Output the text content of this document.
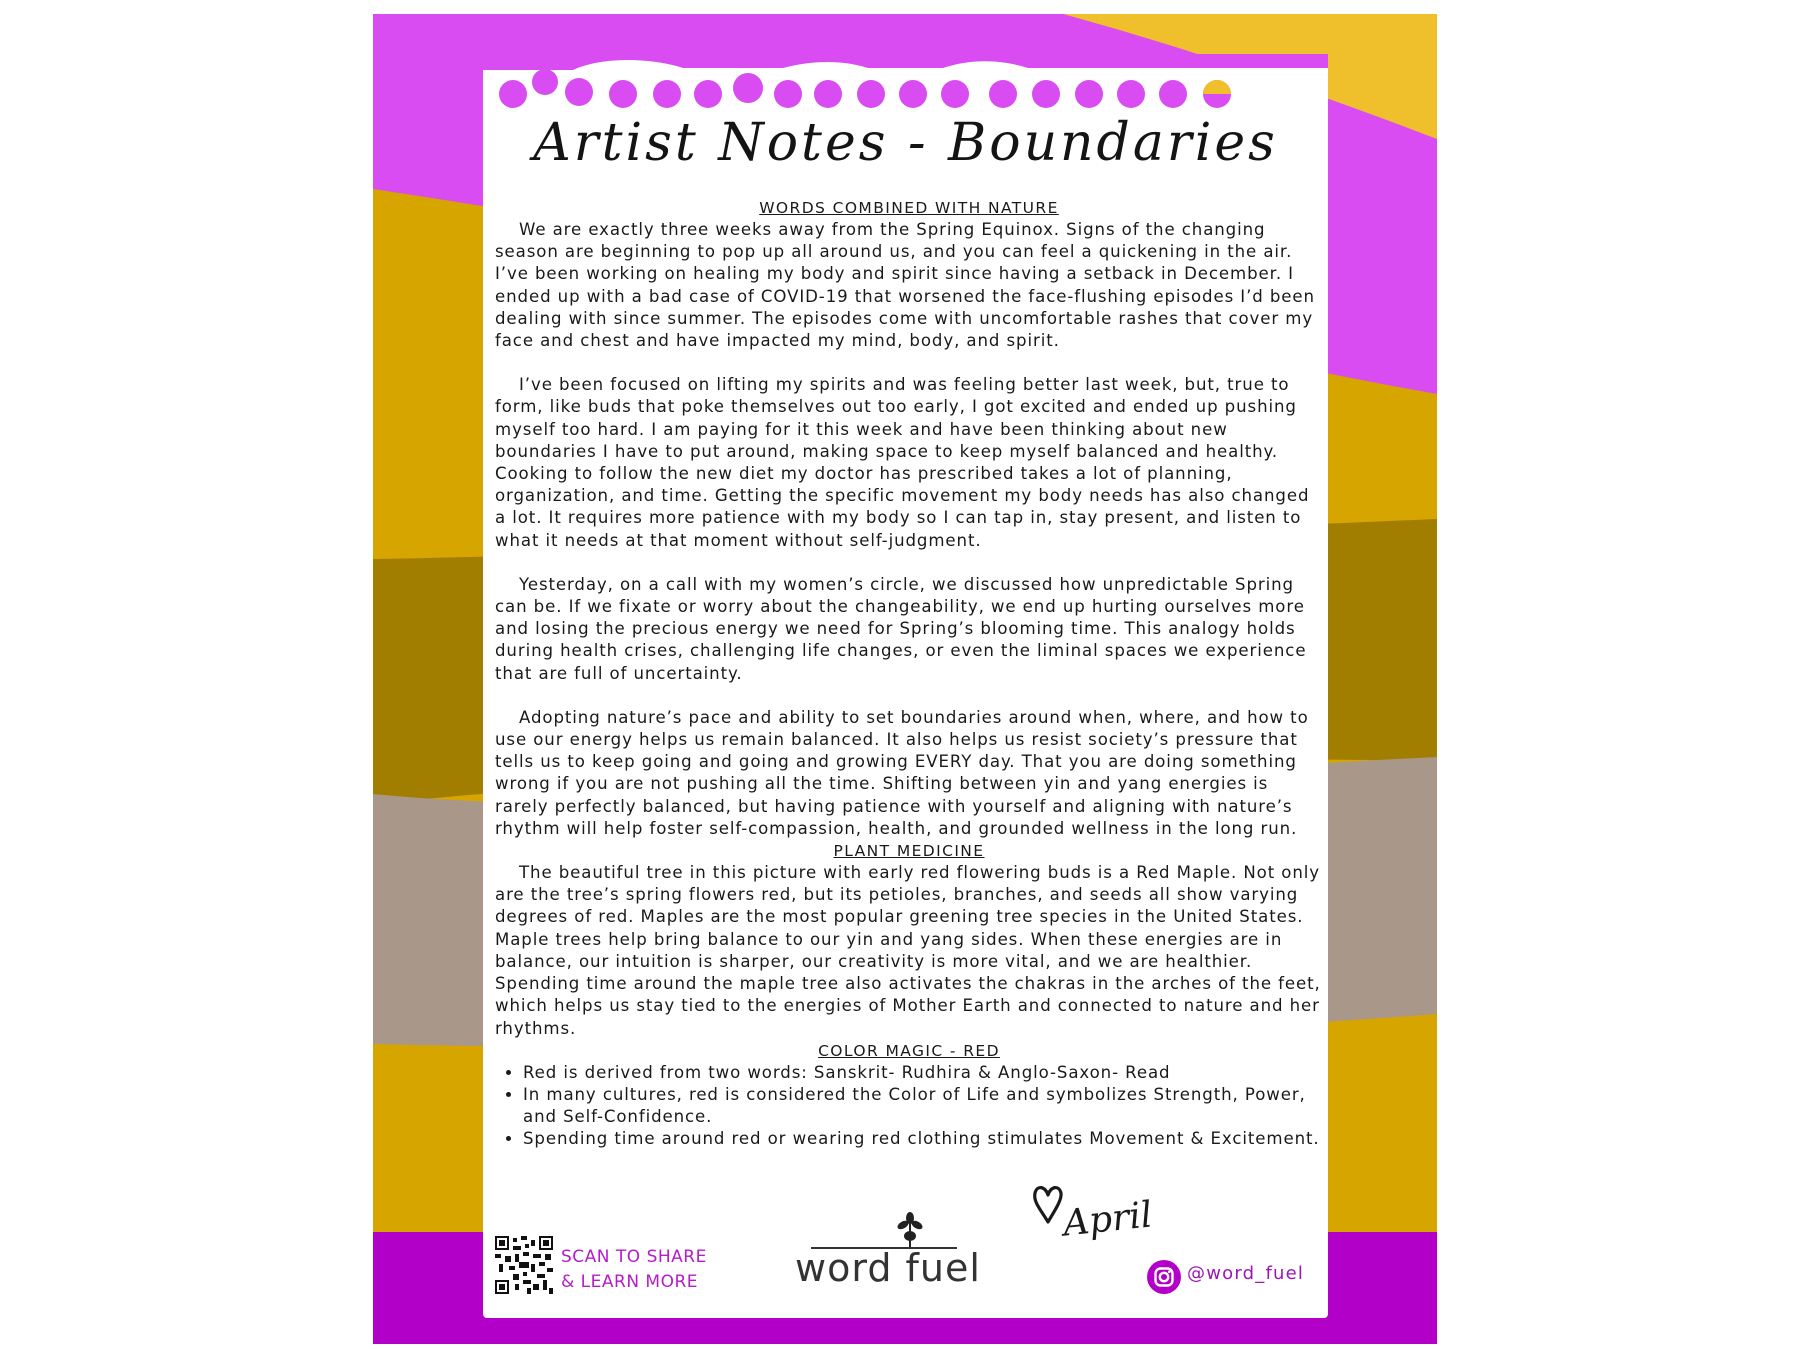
Artist Notes - Boundaries
WORDS COMBINED WITH NATURE

We are exactly three weeks away from the Spring Equinox. Signs of the changing season are beginning to pop up all around us, and you can feel a quickening in the air. I’ve been working on healing my body and spirit since having a setback in December. I ended up with a bad case of COVID-19 that worsened the face-flushing episodes I’d been dealing with since summer. The episodes come with uncomfortable rashes that cover my face and chest and have impacted my mind, body, and spirit.

I’ve been focused on lifting my spirits and was feeling better last week, but, true to form, like buds that poke themselves out too early, I got excited and ended up pushing myself too hard. I am paying for it this week and have been thinking about new boundaries I have to put around, making space to keep myself balanced and healthy. Cooking to follow the new diet my doctor has prescribed takes a lot of planning, organization, and time. Getting the specific movement my body needs has also changed a lot. It requires more patience with my body so I can tap in, stay present, and listen to what it needs at that moment without self-judgment.

Yesterday, on a call with my women’s circle, we discussed how unpredictable Spring can be. If we fixate or worry about the changeability, we end up hurting ourselves more and losing the precious energy we need for Spring’s blooming time. This analogy holds during health crises, challenging life changes, or even the liminal spaces we experience that are full of uncertainty.

Adopting nature’s pace and ability to set boundaries around when, where, and how to use our energy helps us remain balanced. It also helps us resist society’s pressure that tells us to keep going and going and growing EVERY day. That you are doing something wrong if you are not pushing all the time. Shifting between yin and yang energies is rarely perfectly balanced, but having patience with yourself and aligning with nature’s rhythm will help foster self-compassion, health, and grounded wellness in the long run.

PLANT MEDICINE

The beautiful tree in this picture with early red flowering buds is a Red Maple. Not only are the tree’s spring flowers red, but its petioles, branches, and seeds all show varying degrees of red. Maples are the most popular greening tree species in the United States. Maple trees help bring balance to our yin and yang sides. When these energies are in balance, our intuition is sharper, our creativity is more vital, and we are healthier. Spending time around the maple tree also activates the chakras in the arches of the feet, which helps us stay tied to the energies of Mother Earth and connected to nature and her rhythms.

COLOR MAGIC - RED
• Red is derived from two words: Sanskrit- Rudhira & Anglo-Saxon- Read
• In many cultures, red is considered the Color of Life and symbolizes Strength, Power, and Self-Confidence.
• Spending time around red or wearing red clothing stimulates Movement & Excitement.
SCAN TO SHARE
& LEARN MORE	word fuel
April
@word_fuel
